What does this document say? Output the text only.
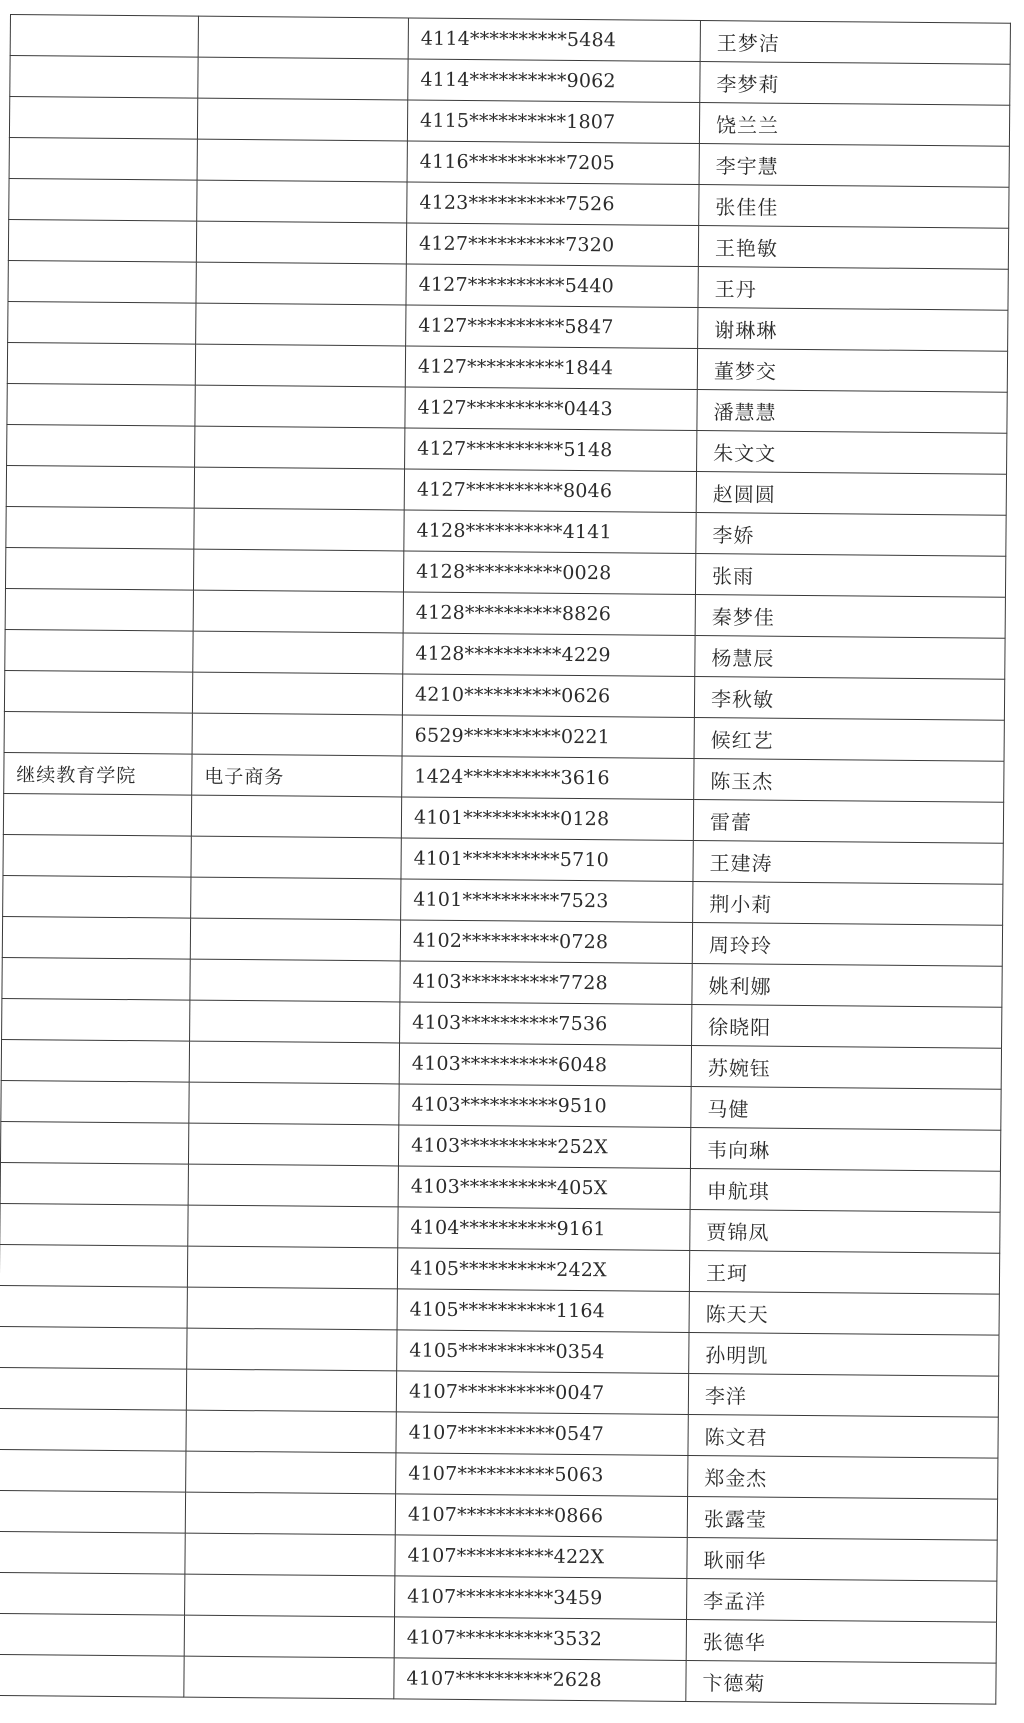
		4114**********5484	王梦洁
		4114**********9062	李梦莉
		4115**********1807	饶兰兰
		4116**********7205	李宇慧
		4123**********7526	张佳佳
		4127**********7320	王艳敏
		4127**********5440	王丹
		4127**********5847	谢琳琳
		4127**********1844	董梦交
		4127**********0443	潘慧慧
		4127**********5148	朱文文
		4127**********8046	赵圆圆
		4128**********4141	李娇
		4128**********0028	张雨
		4128**********8826	秦梦佳
		4128**********4229	杨慧辰
		4210**********0626	李秋敏
		6529**********0221	候红艺
继续教育学院	电子商务	1424**********3616	陈玉杰
		4101**********0128	雷蕾
		4101**********5710	王建涛
		4101**********7523	荆小莉
		4102**********0728	周玲玲
		4103**********7728	姚利娜
		4103**********7536	徐晓阳
		4103**********6048	苏婉钰
		4103**********9510	马健
		4103**********252X	韦向琳
		4103**********405X	申航琪
		4104**********9161	贾锦凤
		4105**********242X	王珂
		4105**********1164	陈天天
		4105**********0354	孙明凯
		4107**********0047	李洋
		4107**********0547	陈文君
		4107**********5063	郑金杰
		4107**********0866	张露莹
		4107**********422X	耿丽华
		4107**********3459	李孟洋
		4107**********3532	张德华
		4107**********2628	卞德菊
